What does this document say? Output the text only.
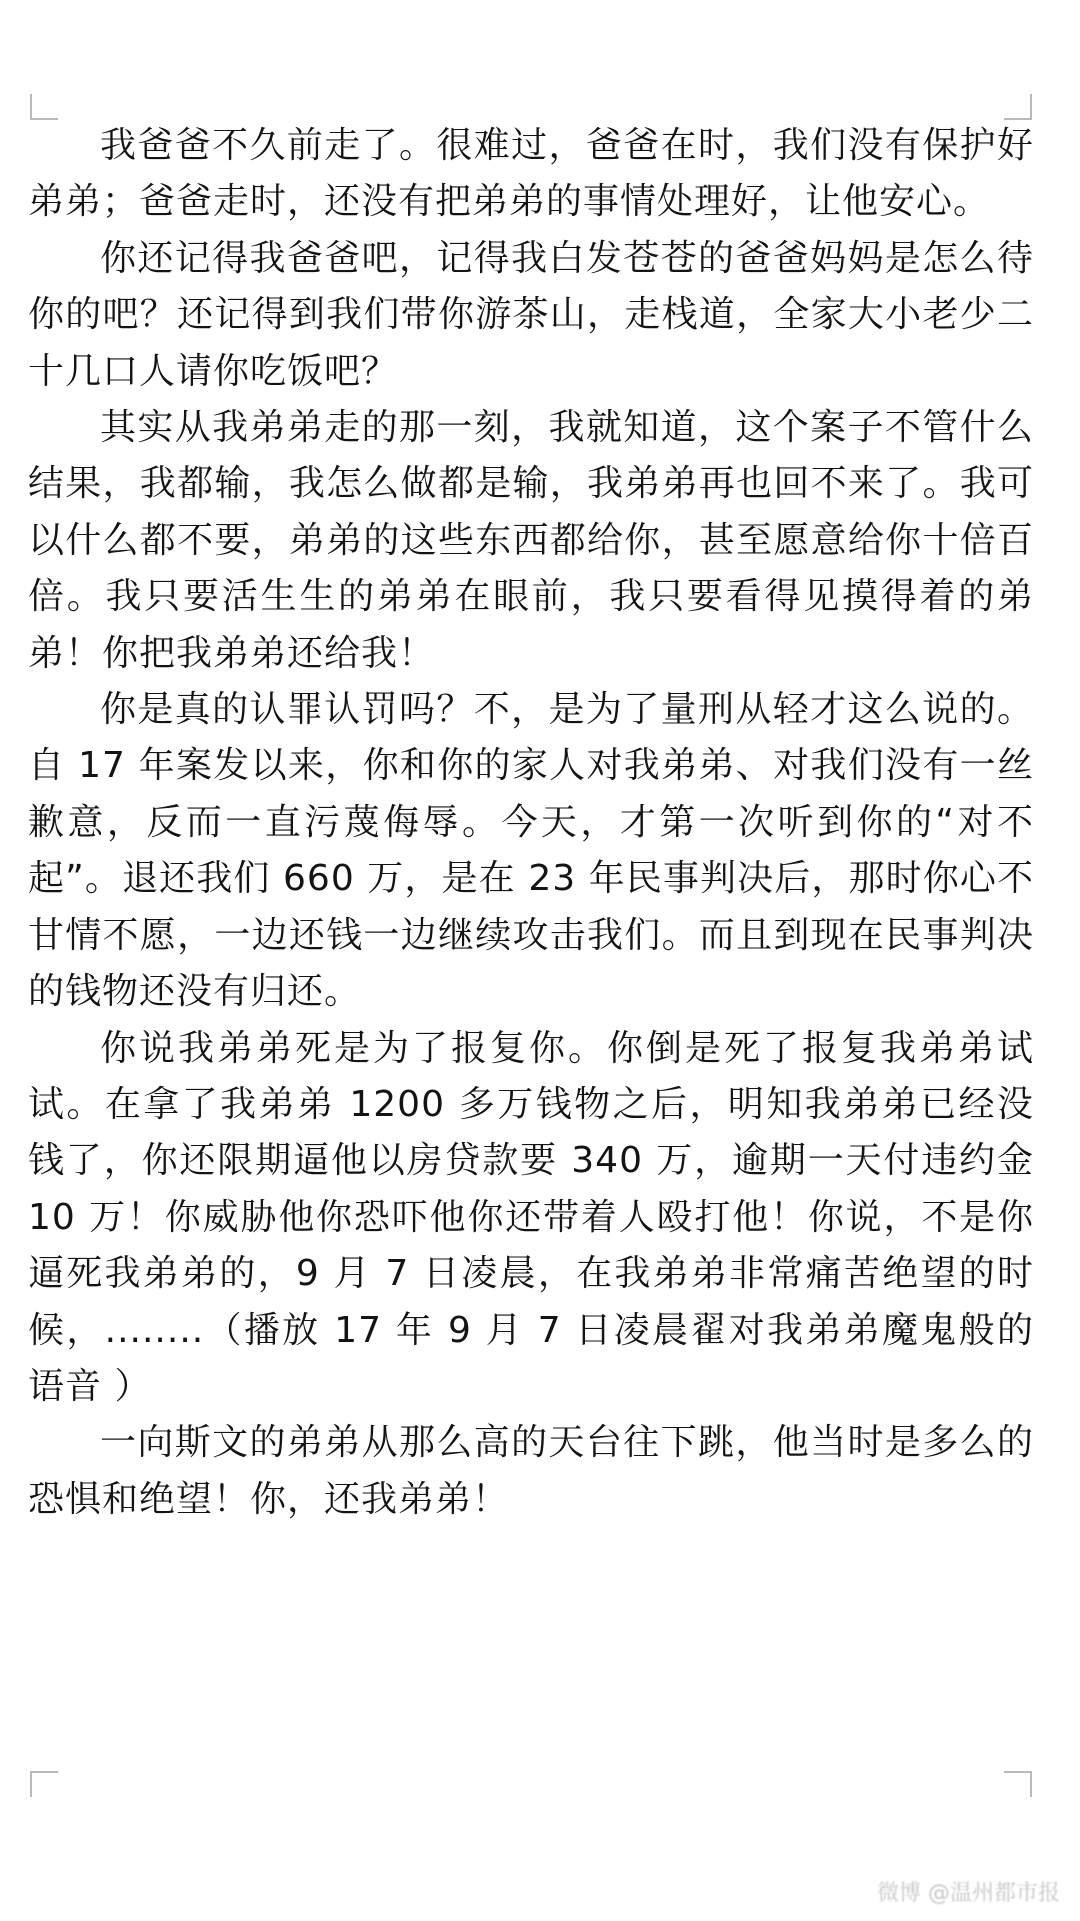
我爸爸不久前走了。很难过，爸爸在时，我们没有保护好弟弟；爸爸走时，还没有把弟弟的事情处理好，让他安心。

你还记得我爸爸吧，记得我白发苍苍的爸爸妈妈是怎么待你的吧？还记得到我们带你游茶山，走栈道，全家大小老少二十几口人请你吃饭吧？

其实从我弟弟走的那一刻，我就知道，这个案子不管什么结果，我都输，我怎么做都是输，我弟弟再也回不来了。我可以什么都不要，弟弟的这些东西都给你，甚至愿意给你十倍百倍。我只要活生生的弟弟在眼前，我只要看得见摸得着的弟弟！你把我弟弟还给我！

你是真的认罪认罚吗？不，是为了量刑从轻才这么说的。自 17 年案发以来，你和你的家人对我弟弟、对我们没有一丝歉意，反而一直污蔑侮辱。今天，才第一次听到你的“对不起”。退还我们 660 万，是在 23 年民事判决后，那时你心不甘情不愿，一边还钱一边继续攻击我们。而且到现在民事判决的钱物还没有归还。

你说我弟弟死是为了报复你。你倒是死了报复我弟弟试试。在拿了我弟弟 1200 多万钱物之后，明知我弟弟已经没钱了，你还限期逼他以房贷款要 340 万，逾期一天付违约金 10 万！你威胁他你恐吓他你还带着人殴打他！你说，不是你逼死我弟弟的，9 月 7 日凌晨，在我弟弟非常痛苦绝望的时候，........（播放 17 年 9 月 7 日凌晨翟对我弟弟魔鬼般的语音 ）

一向斯文的弟弟从那么高的天台往下跳，他当时是多么的恐惧和绝望！你，还我弟弟！

微博 @温州都市报
